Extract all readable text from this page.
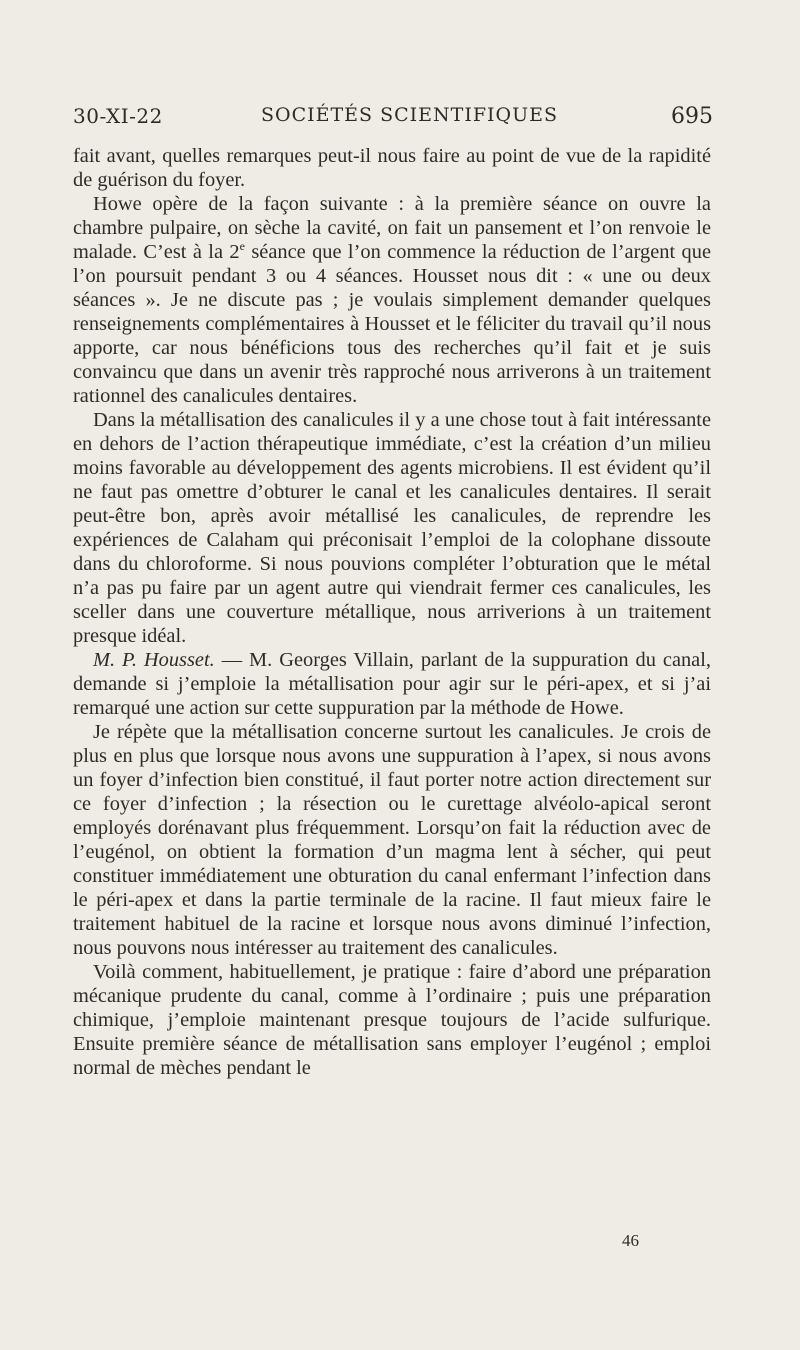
30-XI-22	SOCIÉTÉS SCIENTIFIQUES	695

fait avant, quelles remarques peut-il nous faire au point de vue de la rapidité de guérison du foyer.

Howe opère de la façon suivante : à la première séance on ouvre la chambre pulpaire, on sèche la cavité, on fait un pansement et l’on renvoie le malade. C’est à la 2e séance que l’on commence la réduction de l’argent que l’on poursuit pendant 3 ou 4 séances. Housset nous dit : « une ou deux séances ». Je ne discute pas ; je voulais simplement demander quelques renseignements complémentaires à Housset et le féliciter du travail qu’il nous apporte, car nous bénéficions tous des recherches qu’il fait et je suis convaincu que dans un avenir très rapproché nous arriverons à un traitement rationnel des canalicules dentaires.

Dans la métallisation des canalicules il y a une chose tout à fait intéressante en dehors de l’action thérapeutique immédiate, c’est la création d’un milieu moins favorable au développement des agents microbiens. Il est évident qu’il ne faut pas omettre d’obturer le canal et les canalicules dentaires. Il serait peut-être bon, après avoir métallisé les canalicules, de reprendre les expériences de Calaham qui préconisait l’emploi de la colophane dissoute dans du chloroforme. Si nous pouvions compléter l’obturation que le métal n’a pas pu faire par un agent autre qui viendrait fermer ces canalicules, les sceller dans une couverture métallique, nous arriverions à un traitement presque idéal.

M. P. Housset. — M. Georges Villain, parlant de la suppuration du canal, demande si j’emploie la métallisation pour agir sur le péri-apex, et si j’ai remarqué une action sur cette suppuration par la méthode de Howe.

Je répète que la métallisation concerne surtout les canalicules. Je crois de plus en plus que lorsque nous avons une suppuration à l’apex, si nous avons un foyer d’infection bien constitué, il faut porter notre action directement sur ce foyer d’infection ; la résection ou le curettage alvéolo-apical seront employés dorénavant plus fréquemment. Lorsqu’on fait la réduction avec de l’eugénol, on obtient la formation d’un magma lent à sécher, qui peut constituer immédiatement une obturation du canal enfermant l’infection dans le péri-apex et dans la partie terminale de la racine. Il faut mieux faire le traitement habituel de la racine et lorsque nous avons diminué l’infection, nous pouvons nous intéresser au traitement des canalicules.

Voilà comment, habituellement, je pratique : faire d’abord une préparation mécanique prudente du canal, comme à l’ordinaire ; puis une préparation chimique, j’emploie maintenant presque toujours de l’acide sulfurique. Ensuite première séance de métallisation sans employer l’eugénol ; emploi normal de mèches pendant le

46
